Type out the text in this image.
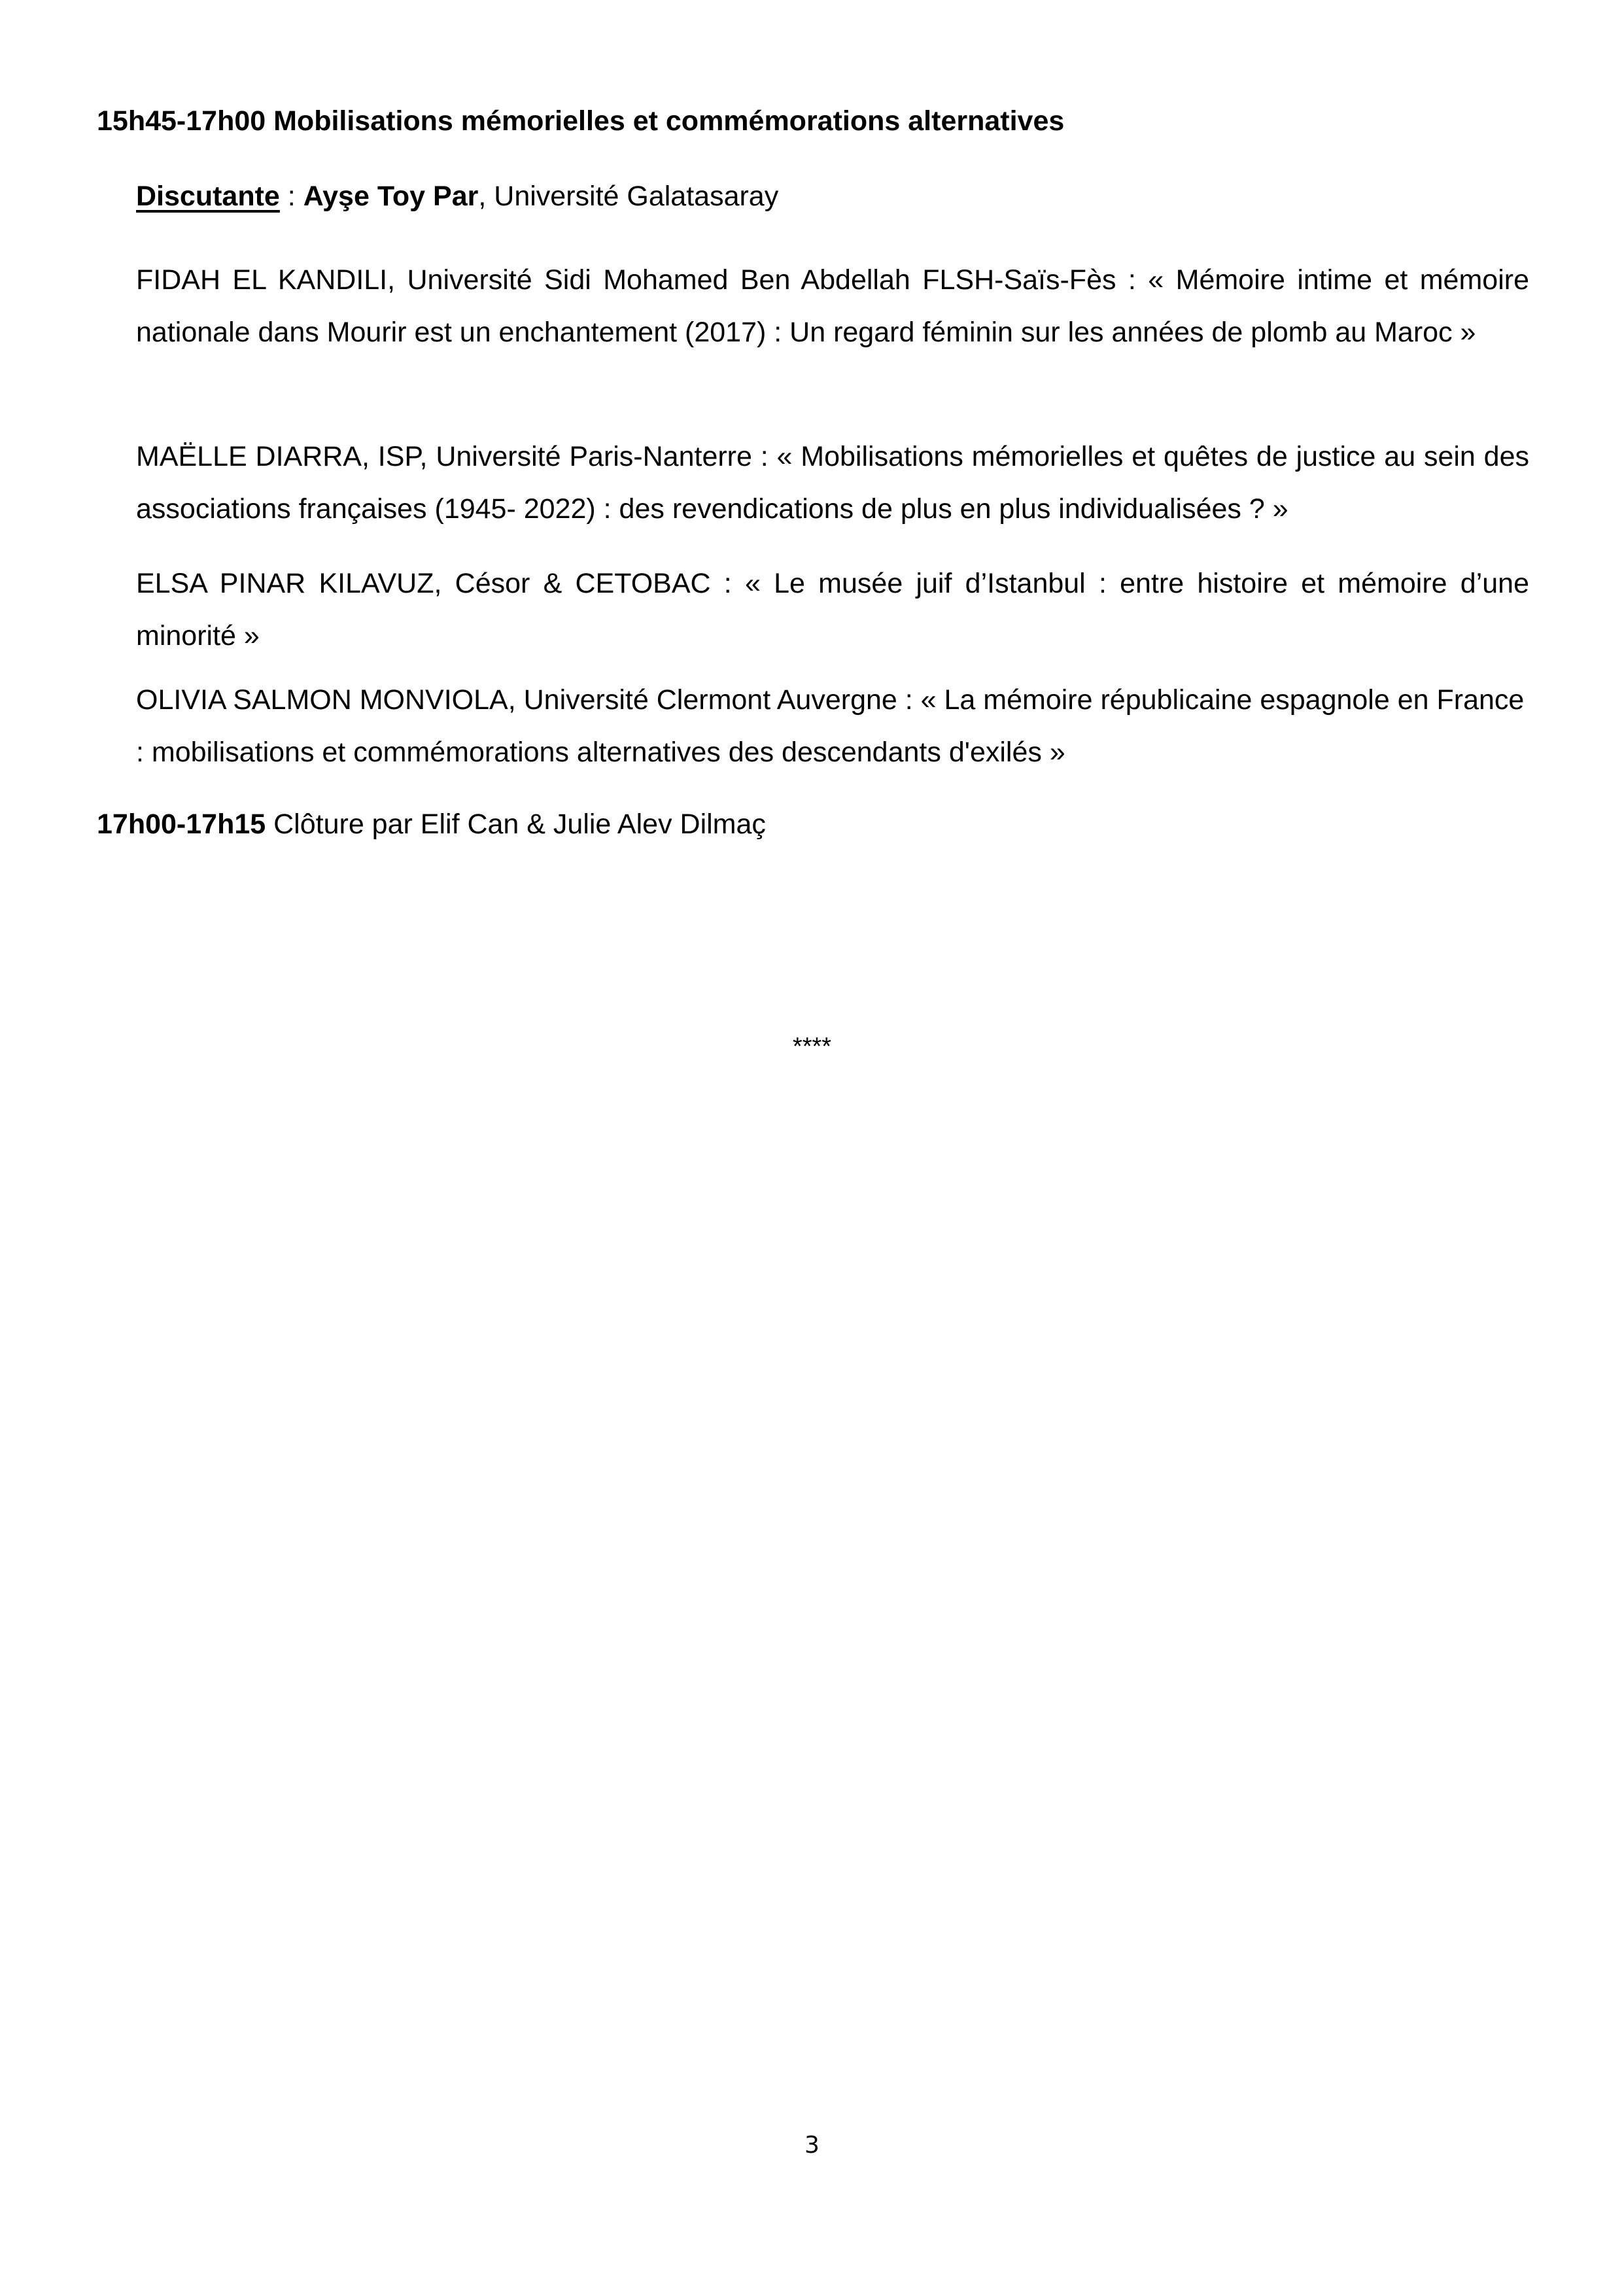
15h45-17h00 Mobilisations mémorielles et commémorations alternatives
Discutante : Ayşe Toy Par, Université Galatasaray
FIDAH EL KANDILI, Université Sidi Mohamed Ben Abdellah FLSH-Saïs-Fès : « Mémoire intime et mémoire nationale dans Mourir est un enchantement (2017) : Un regard féminin sur les années de plomb au Maroc »
MAËLLE DIARRA, ISP, Université Paris-Nanterre : « Mobilisations mémorielles et quêtes de justice au sein des associations françaises (1945- 2022) : des revendications de plus en plus individualisées ? »
ELSA PINAR KILAVUZ, Césor & CETOBAC : « Le musée juif d’Istanbul : entre histoire et mémoire d’une minorité »
OLIVIA SALMON MONVIOLA, Université Clermont Auvergne : « La mémoire républicaine espagnole en France : mobilisations et commémorations alternatives des descendants d'exilés »
17h00-17h15 Clôture par Elif Can & Julie Alev Dilmaç
****
3
